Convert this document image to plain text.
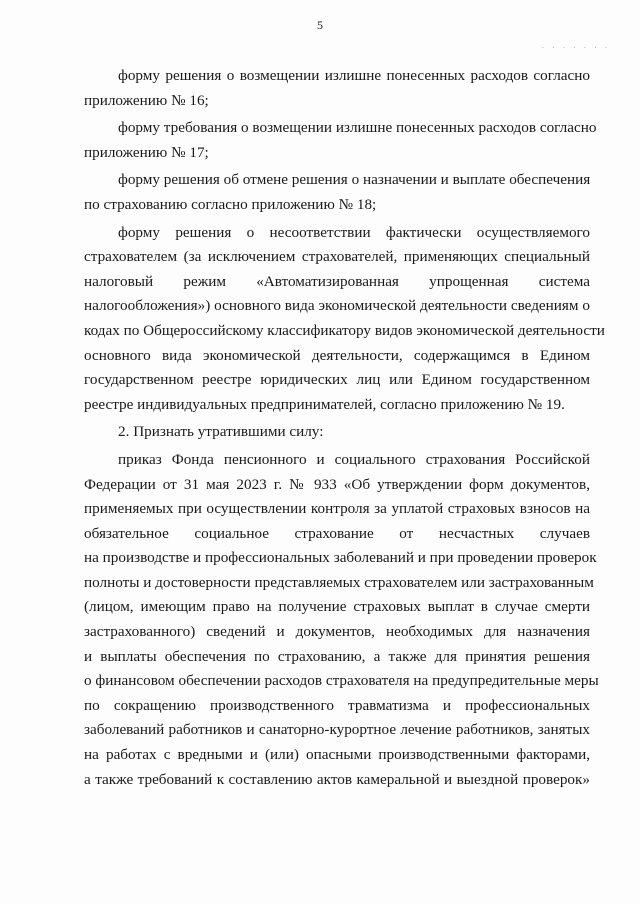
5
. . . . . . .
форму решения о возмещении излишне понесенных расходов согласно
приложению № 16;
форму требования о возмещении излишне понесенных расходов согласно
приложению № 17;
форму решения об отмене решения о назначении и выплате обеспечения
по страхованию согласно приложению № 18;
форму решения о несоответствии фактически осуществляемого
страхователем (за исключением страхователей, применяющих специальный
налоговый режим «Автоматизированная упрощенная система
налогообложения») основного вида экономической деятельности сведениям о
кодах по Общероссийскому классификатору видов экономической деятельности
основного вида экономической деятельности, содержащимся в Едином
государственном реестре юридических лиц или Едином государственном
реестре индивидуальных предпринимателей, согласно приложению № 19.
2. Признать утратившими силу:
приказ Фонда пенсионного и социального страхования Российской
Федерации от 31 мая 2023 г. № 933 «Об утверждении форм документов,
применяемых при осуществлении контроля за уплатой страховых взносов на
обязательное социальное страхование от несчастных случаев
на производстве и профессиональных заболеваний и при проведении проверок
полноты и достоверности представляемых страхователем или застрахованным
(лицом, имеющим право на получение страховых выплат в случае смерти
застрахованного) сведений и документов, необходимых для назначения
и выплаты обеспечения по страхованию, а также для принятия решения
о финансовом обеспечении расходов страхователя на предупредительные меры
по сокращению производственного травматизма и профессиональных
заболеваний работников и санаторно-курортное лечение работников, занятых
на работах с вредными и (или) опасными производственными факторами,
а также требований к составлению актов камеральной и выездной проверок»
